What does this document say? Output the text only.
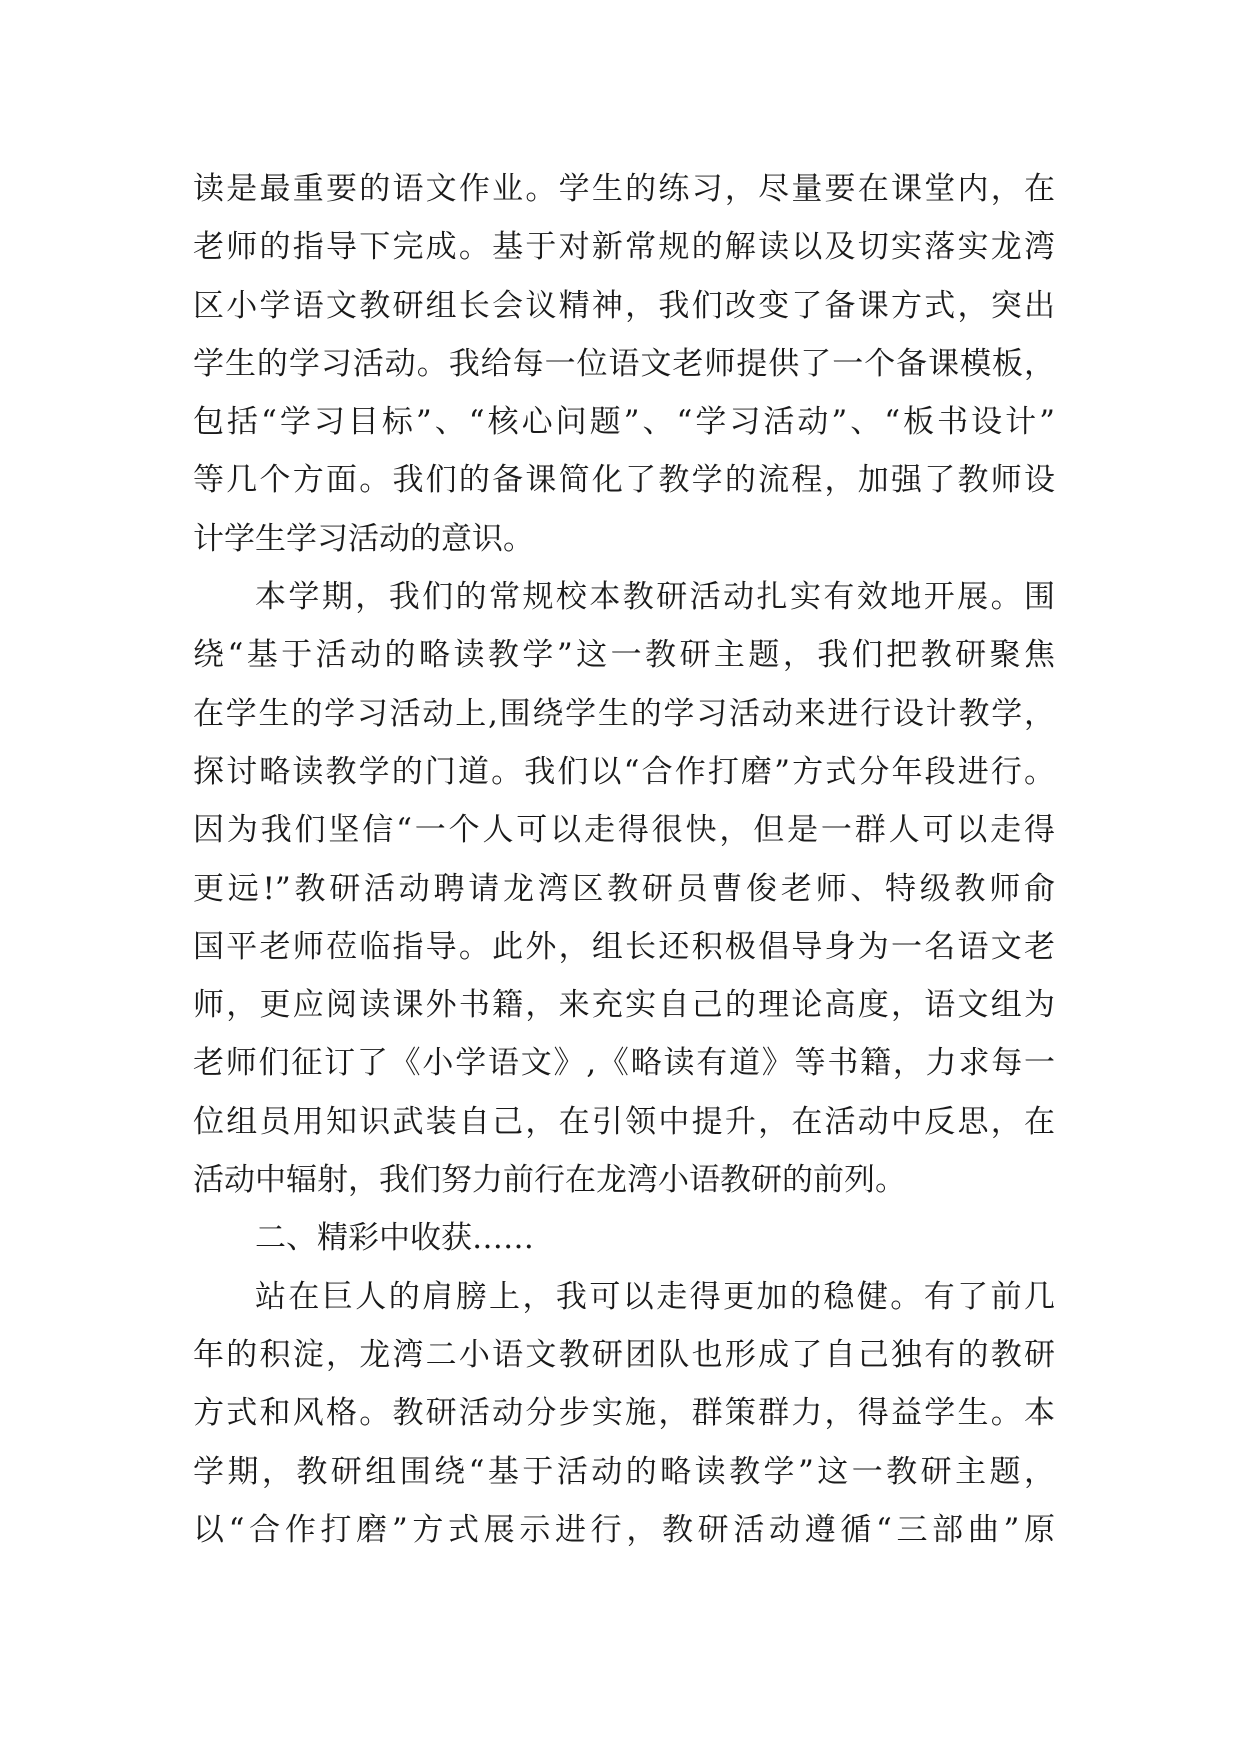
读是最重要的语文作业。学生的练习，尽量要在课堂内，在
老师的指导下完成。基于对新常规的解读以及切实落实龙湾
区小学语文教研组长会议精神，我们改变了备课方式，突出
学生的学习活动。我给每一位语文老师提供了一个备课模板，
包括“学习目标”、“核心问题”、“学习活动”、“板书设计”
等几个方面。我们的备课简化了教学的流程，加强了教师设
计学生学习活动的意识。
本学期，我们的常规校本教研活动扎实有效地开展。围
绕“基于活动的略读教学”这一教研主题，我们把教研聚焦
在学生的学习活动上,围绕学生的学习活动来进行设计教学，
探讨略读教学的门道。我们以“合作打磨”方式分年段进行。
因为我们坚信“一个人可以走得很快，但是一群人可以走得
更远!”教研活动聘请龙湾区教研员曹俊老师、特级教师俞
国平老师莅临指导。此外，组长还积极倡导身为一名语文老
师，更应阅读课外书籍，来充实自己的理论高度，语文组为
老师们征订了《小学语文》,《略读有道》等书籍，力求每一
位组员用知识武装自己，在引领中提升，在活动中反思，在
活动中辐射，我们努力前行在龙湾小语教研的前列。
二、精彩中收获……
站在巨人的肩膀上，我可以走得更加的稳健。有了前几
年的积淀，龙湾二小语文教研团队也形成了自己独有的教研
方式和风格。教研活动分步实施，群策群力，得益学生。本
学期，教研组围绕“基于活动的略读教学”这一教研主题，
以“合作打磨”方式展示进行，教研活动遵循“三部曲”原
